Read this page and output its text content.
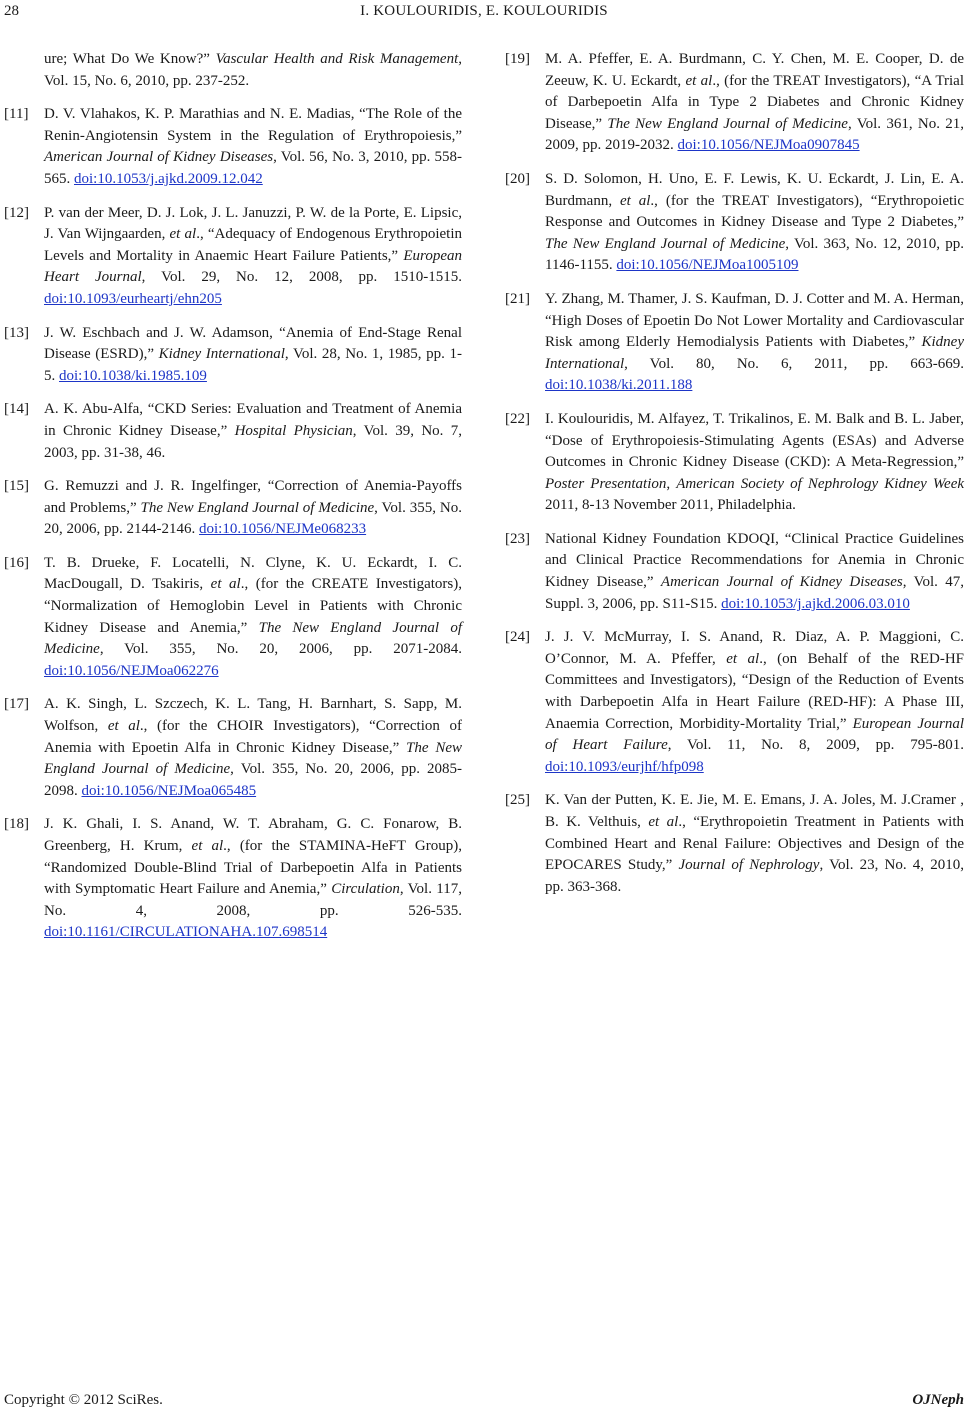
28	I. KOULOURIDIS, E. KOULOURIDIS
ure; What Do We Know?” Vascular Health and Risk Management, Vol. 15, No. 6, 2010, pp. 237-252.
[11]	D. V. Vlahakos, K. P. Marathias and N. E. Madias, “The Role of the Renin-Angiotensin System in the Regulation of Erythropoiesis,” American Journal of Kidney Diseases, Vol. 56, No. 3, 2010, pp. 558-565. doi:10.1053/j.ajkd.2009.12.042
[12]	P. van der Meer, D. J. Lok, J. L. Januzzi, P. W. de la Porte, E. Lipsic, J. Van Wijngaarden, et al., “Adequacy of Endogenous Erythropoietin Levels and Mortality in Anaemic Heart Failure Patients,” European Heart Journal, Vol. 29, No. 12, 2008, pp. 1510-1515. doi:10.1093/eurheartj/ehn205
[13]	J. W. Eschbach and J. W. Adamson, “Anemia of End-Stage Renal Disease (ESRD),” Kidney International, Vol. 28, No. 1, 1985, pp. 1-5. doi:10.1038/ki.1985.109
[14]	A. K. Abu-Alfa, “CKD Series: Evaluation and Treatment of Anemia in Chronic Kidney Disease,” Hospital Physician, Vol. 39, No. 7, 2003, pp. 31-38, 46.
[15]	G. Remuzzi and J. R. Ingelfinger, “Correction of Anemia-Payoffs and Problems,” The New England Journal of Medicine, Vol. 355, No. 20, 2006, pp. 2144-2146. doi:10.1056/NEJMe068233
[16]	T. B. Drueke, F. Locatelli, N. Clyne, K. U. Eckardt, I. C. MacDougall, D. Tsakiris, et al., (for the CREATE Investigators), “Normalization of Hemoglobin Level in Patients with Chronic Kidney Disease and Anemia,” The New England Journal of Medicine, Vol. 355, No. 20, 2006, pp. 2071-2084. doi:10.1056/NEJMoa062276
[17]	A. K. Singh, L. Szczech, K. L. Tang, H. Barnhart, S. Sapp, M. Wolfson, et al., (for the CHOIR Investigators), “Correction of Anemia with Epoetin Alfa in Chronic Kidney Disease,” The New England Journal of Medicine, Vol. 355, No. 20, 2006, pp. 2085-2098. doi:10.1056/NEJMoa065485
[18]	J. K. Ghali, I. S. Anand, W. T. Abraham, G. C. Fonarow, B. Greenberg, H. Krum, et al., (for the STAMINA-HeFT Group), “Randomized Double-Blind Trial of Darbepoetin Alfa in Patients with Symptomatic Heart Failure and Anemia,” Circulation, Vol. 117, No. 4, 2008, pp. 526-535. doi:10.1161/CIRCULATIONAHA.107.698514
[19]	M. A. Pfeffer, E. A. Burdmann, C. Y. Chen, M. E. Cooper, D. de Zeeuw, K. U. Eckardt, et al., (for the TREAT Investigators), “A Trial of Darbepoetin Alfa in Type 2 Diabetes and Chronic Kidney Disease,” The New England Journal of Medicine, Vol. 361, No. 21, 2009, pp. 2019-2032. doi:10.1056/NEJMoa0907845
[20]	S. D. Solomon, H. Uno, E. F. Lewis, K. U. Eckardt, J. Lin, E. A. Burdmann, et al., (for the TREAT Investigators), “Erythropoietic Response and Outcomes in Kidney Disease and Type 2 Diabetes,” The New England Journal of Medicine, Vol. 363, No. 12, 2010, pp. 1146-1155. doi:10.1056/NEJMoa1005109
[21]	Y. Zhang, M. Thamer, J. S. Kaufman, D. J. Cotter and M. A. Herman, “High Doses of Epoetin Do Not Lower Mortality and Cardiovascular Risk among Elderly Hemodialysis Patients with Diabetes,” Kidney International, Vol. 80, No. 6, 2011, pp. 663-669. doi:10.1038/ki.2011.188
[22]	I. Koulouridis, M. Alfayez, T. Trikalinos, E. M. Balk and B. L. Jaber, “Dose of Erythropoiesis-Stimulating Agents (ESAs) and Adverse Outcomes in Chronic Kidney Disease (CKD): A Meta-Regression,” Poster Presentation, American Society of Nephrology Kidney Week 2011, 8-13 November 2011, Philadelphia.
[23]	National Kidney Foundation KDOQI, “Clinical Practice Guidelines and Clinical Practice Recommendations for Anemia in Chronic Kidney Disease,” American Journal of Kidney Diseases, Vol. 47, Suppl. 3, 2006, pp. S11-S15. doi:10.1053/j.ajkd.2006.03.010
[24]	J. J. V. McMurray, I. S. Anand, R. Diaz, A. P. Maggioni, C. O’Connor, M. A. Pfeffer, et al., (on Behalf of the RED-HF Committees and Investigators), “Design of the Reduction of Events with Darbepoetin Alfa in Heart Failure (RED-HF): A Phase III, Anaemia Correction, Morbidity-Mortality Trial,” European Journal of Heart Failure, Vol. 11, No. 8, 2009, pp. 795-801. doi:10.1093/eurjhf/hfp098
[25]	K. Van der Putten, K. E. Jie, M. E. Emans, J. A. Joles, M. J.Cramer , B. K. Velthuis, et al., “Erythropoietin Treatment in Patients with Combined Heart and Renal Failure: Objectives and Design of the EPOCARES Study,” Journal of Nephrology, Vol. 23, No. 4, 2010, pp. 363-368.
Copyright © 2012 SciRes.	OJNeph
